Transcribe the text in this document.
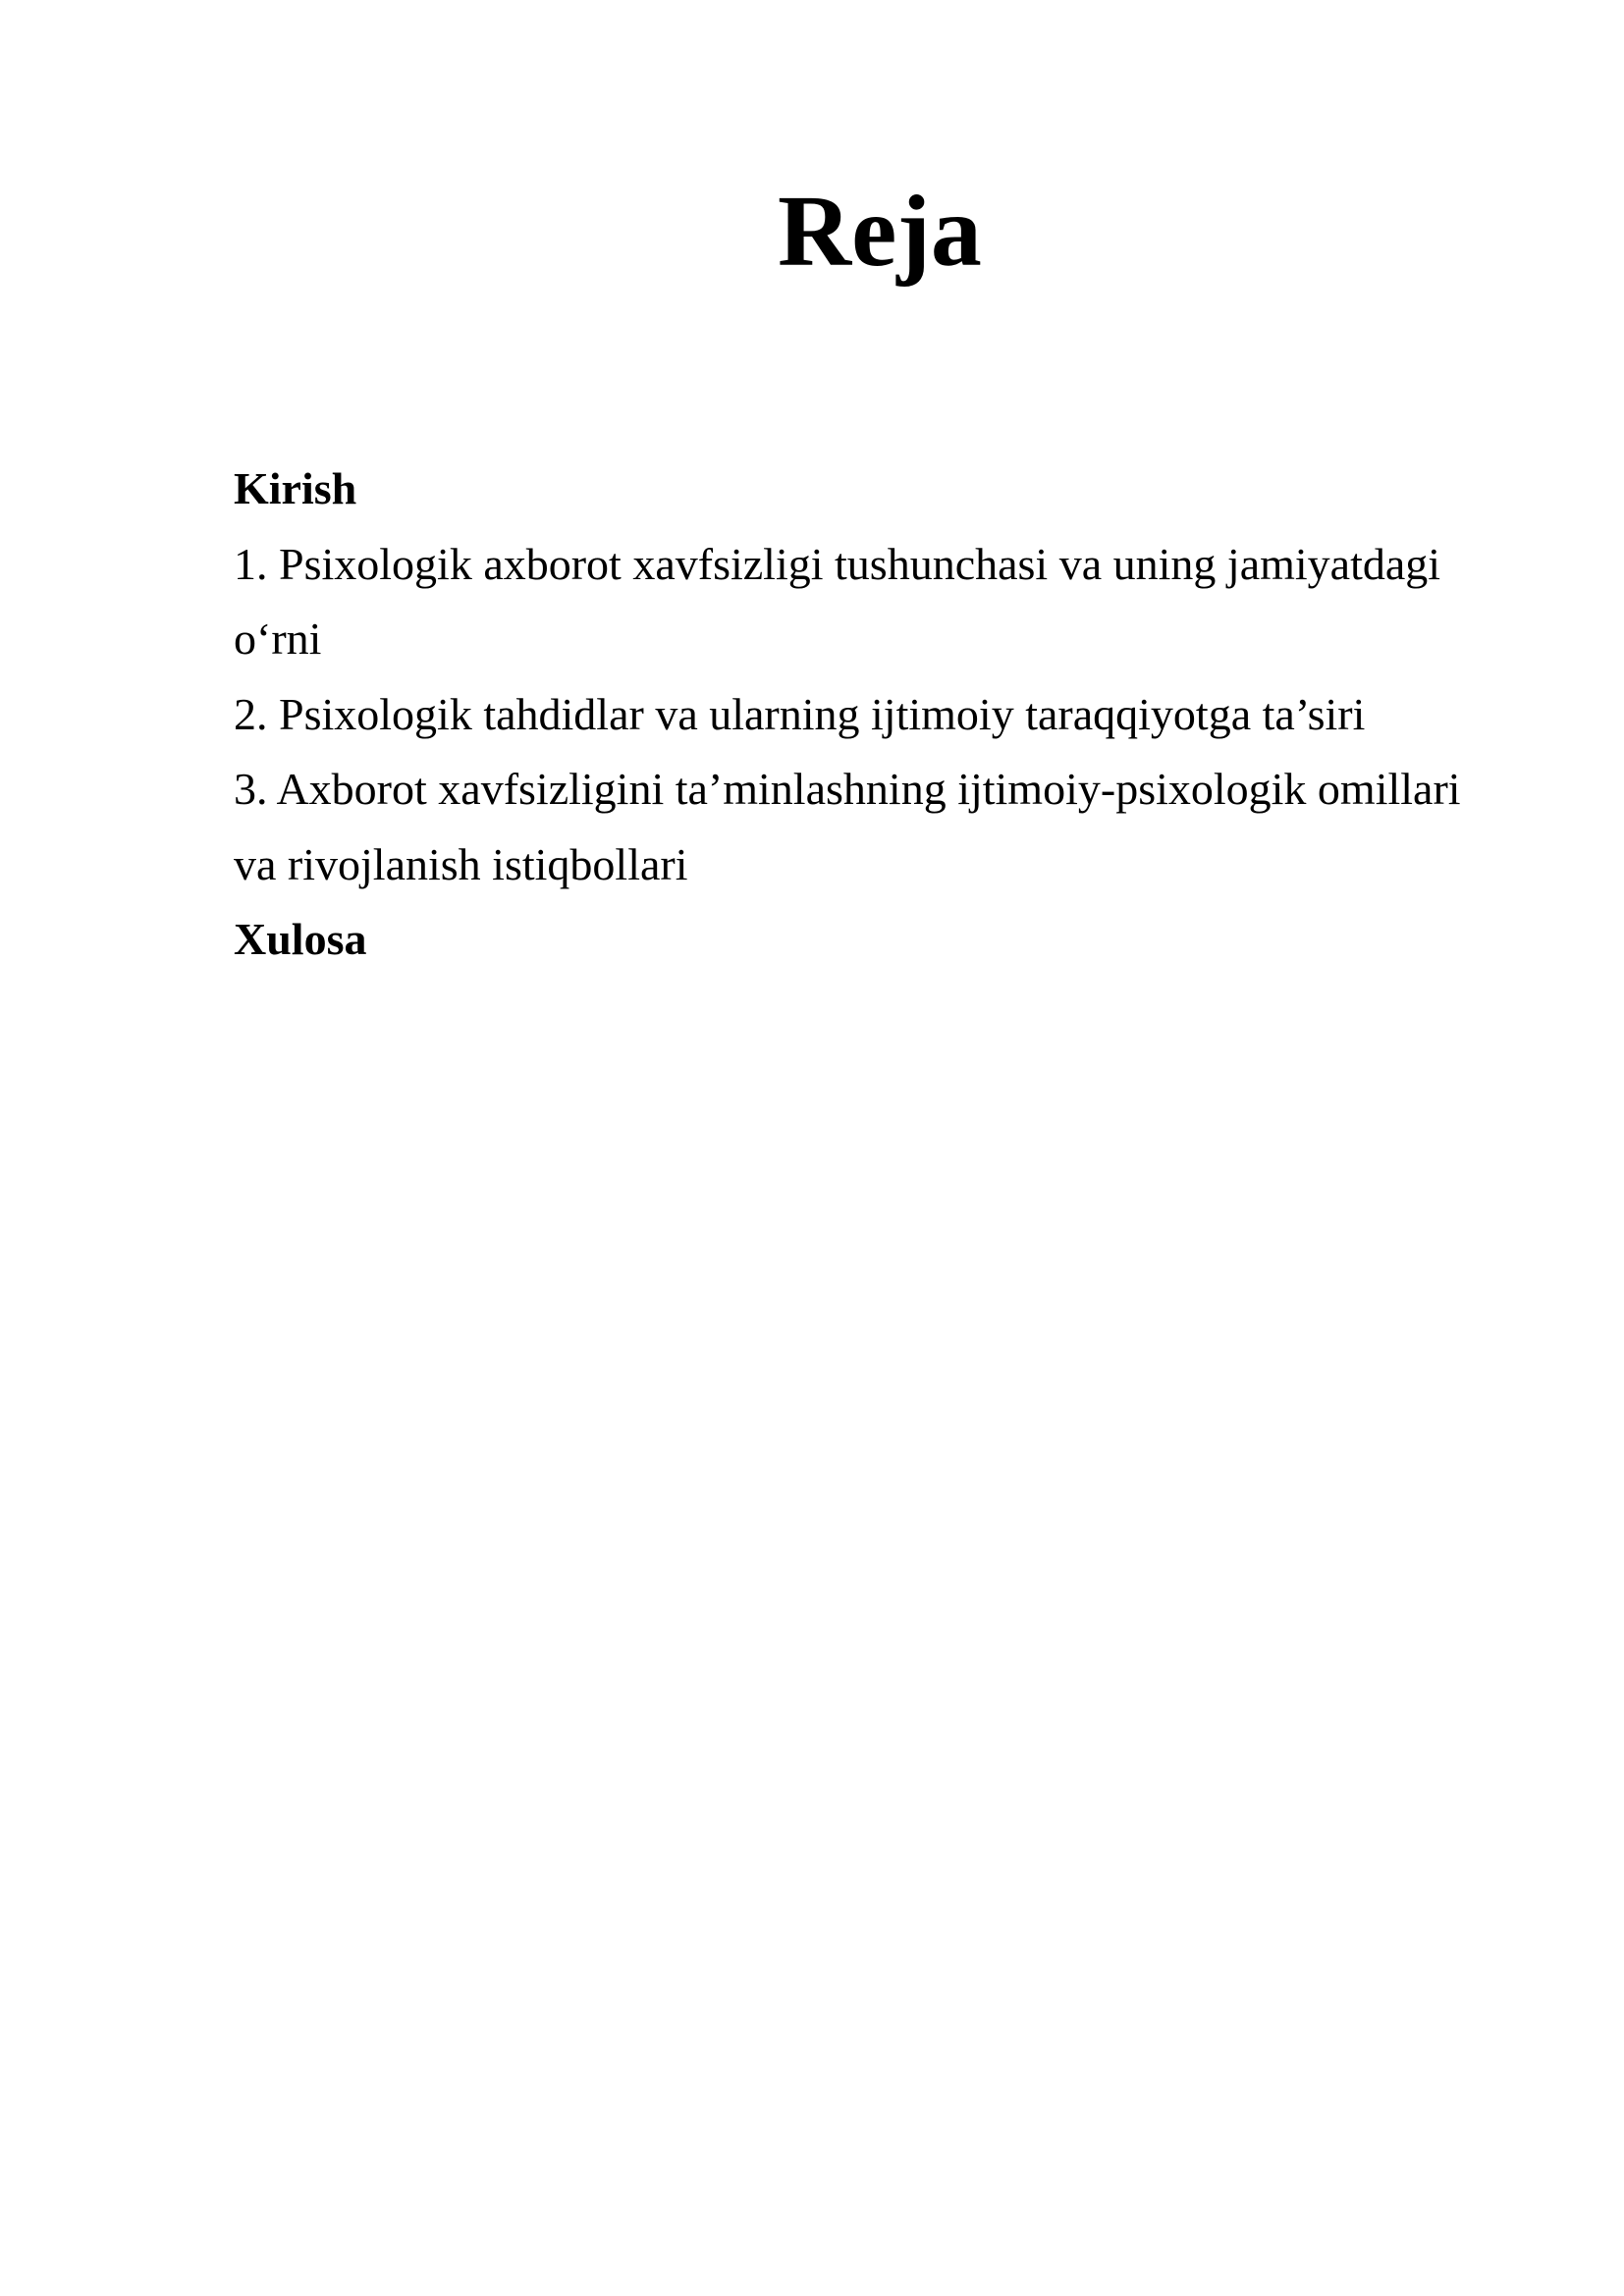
Reja
Kirish
1. Psixologik axborot xavfsizligi tushunchasi va uning jamiyatdagi o‘rni
2. Psixologik tahdidlar va ularning ijtimoiy taraqqiyotga ta’siri
3. Axborot xavfsizligini ta’minlashning ijtimoiy-psixologik omillari va rivojlanish istiqbollari
Xulosa
